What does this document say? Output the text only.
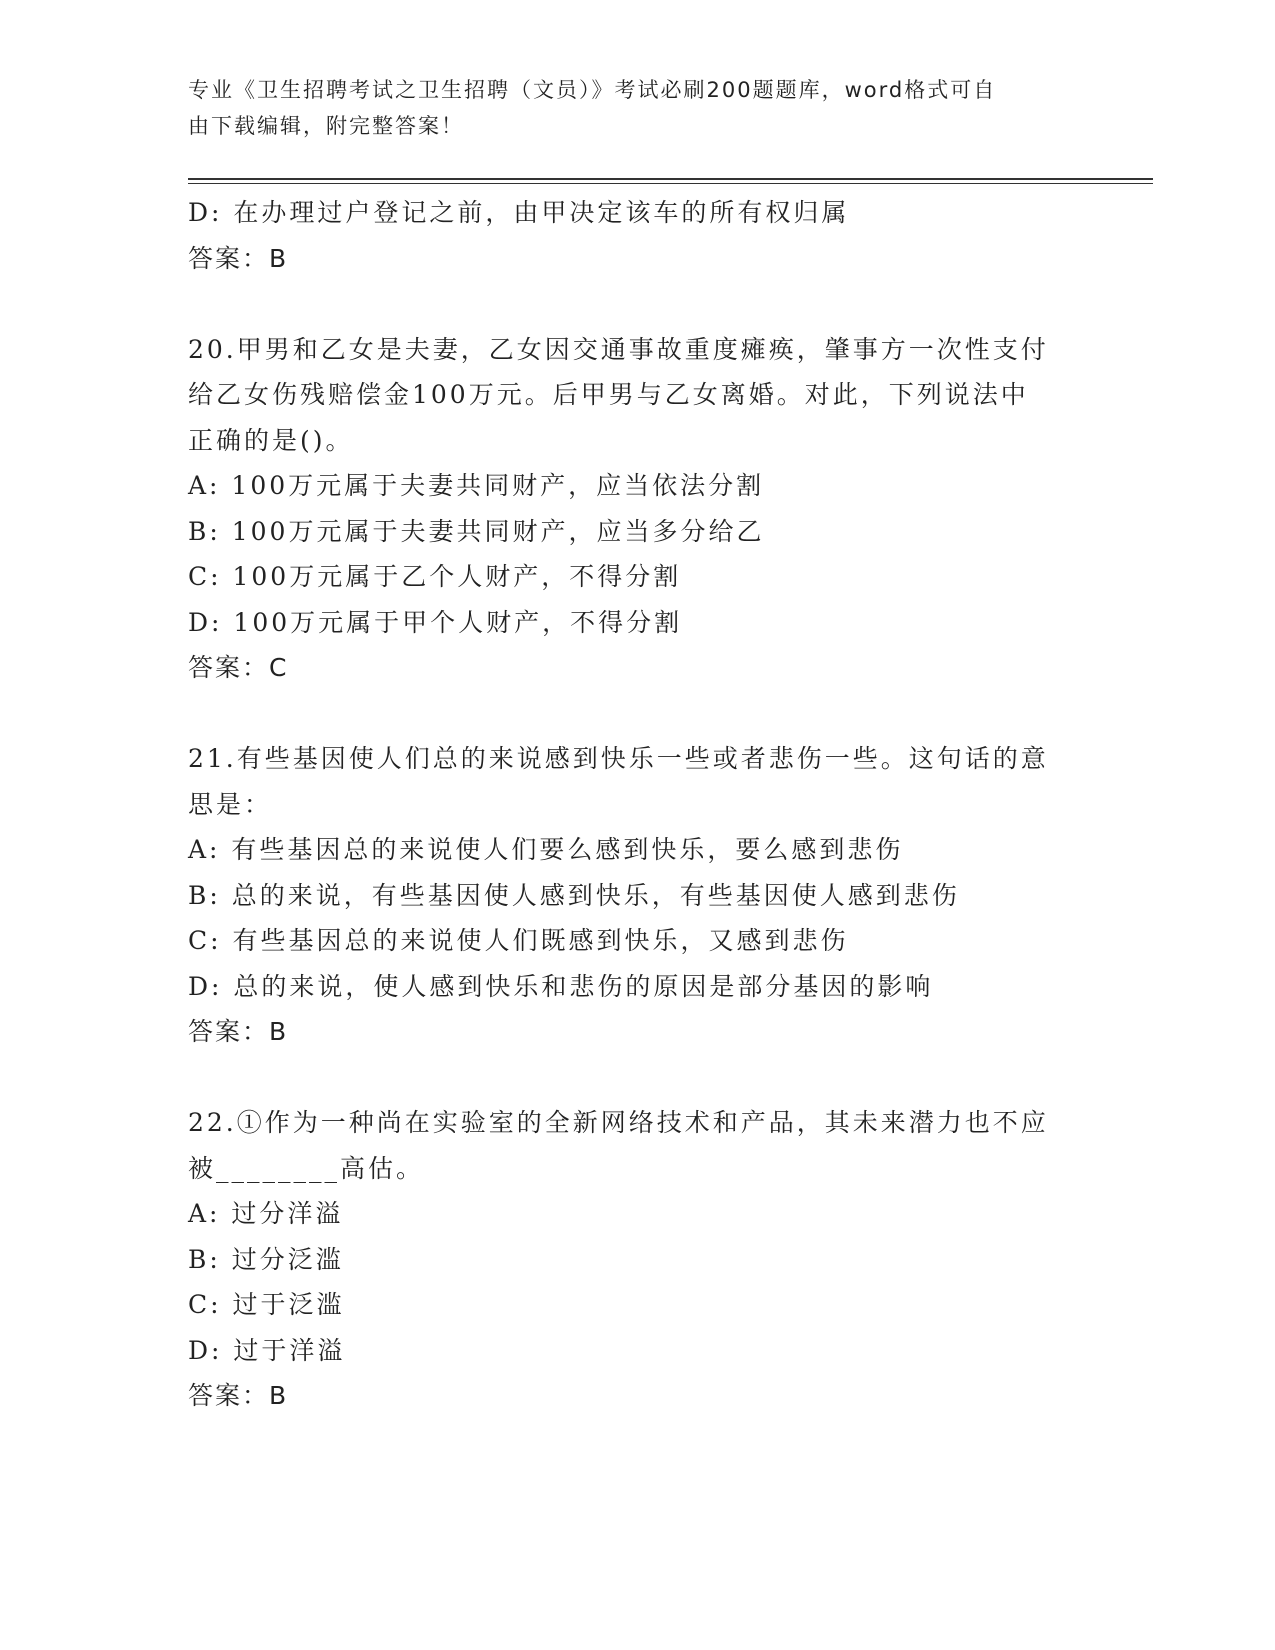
专业《卫生招聘考试之卫生招聘（文员）》考试必刷200题题库，word格式可自
由下载编辑，附完整答案！
D: 在办理过户登记之前，由甲决定该车的所有权归属
答案：B
20.甲男和乙女是夫妻，乙女因交通事故重度瘫痪，肇事方一次性支付
给乙女伤残赔偿金100万元。后甲男与乙女离婚。对此，下列说法中
正确的是()。
A: 100万元属于夫妻共同财产，应当依法分割
B: 100万元属于夫妻共同财产，应当多分给乙
C: 100万元属于乙个人财产，不得分割
D: 100万元属于甲个人财产，不得分割
答案：C
21.有些基因使人们总的来说感到快乐一些或者悲伤一些。这句话的意
思是：
A: 有些基因总的来说使人们要么感到快乐，要么感到悲伤
B: 总的来说，有些基因使人感到快乐，有些基因使人感到悲伤
C: 有些基因总的来说使人们既感到快乐，又感到悲伤
D: 总的来说，使人感到快乐和悲伤的原因是部分基因的影响
答案：B
22.①作为一种尚在实验室的全新网络技术和产品，其未来潜力也不应
被________高估。
A: 过分洋溢
B: 过分泛滥
C: 过于泛滥
D: 过于洋溢
答案：B
